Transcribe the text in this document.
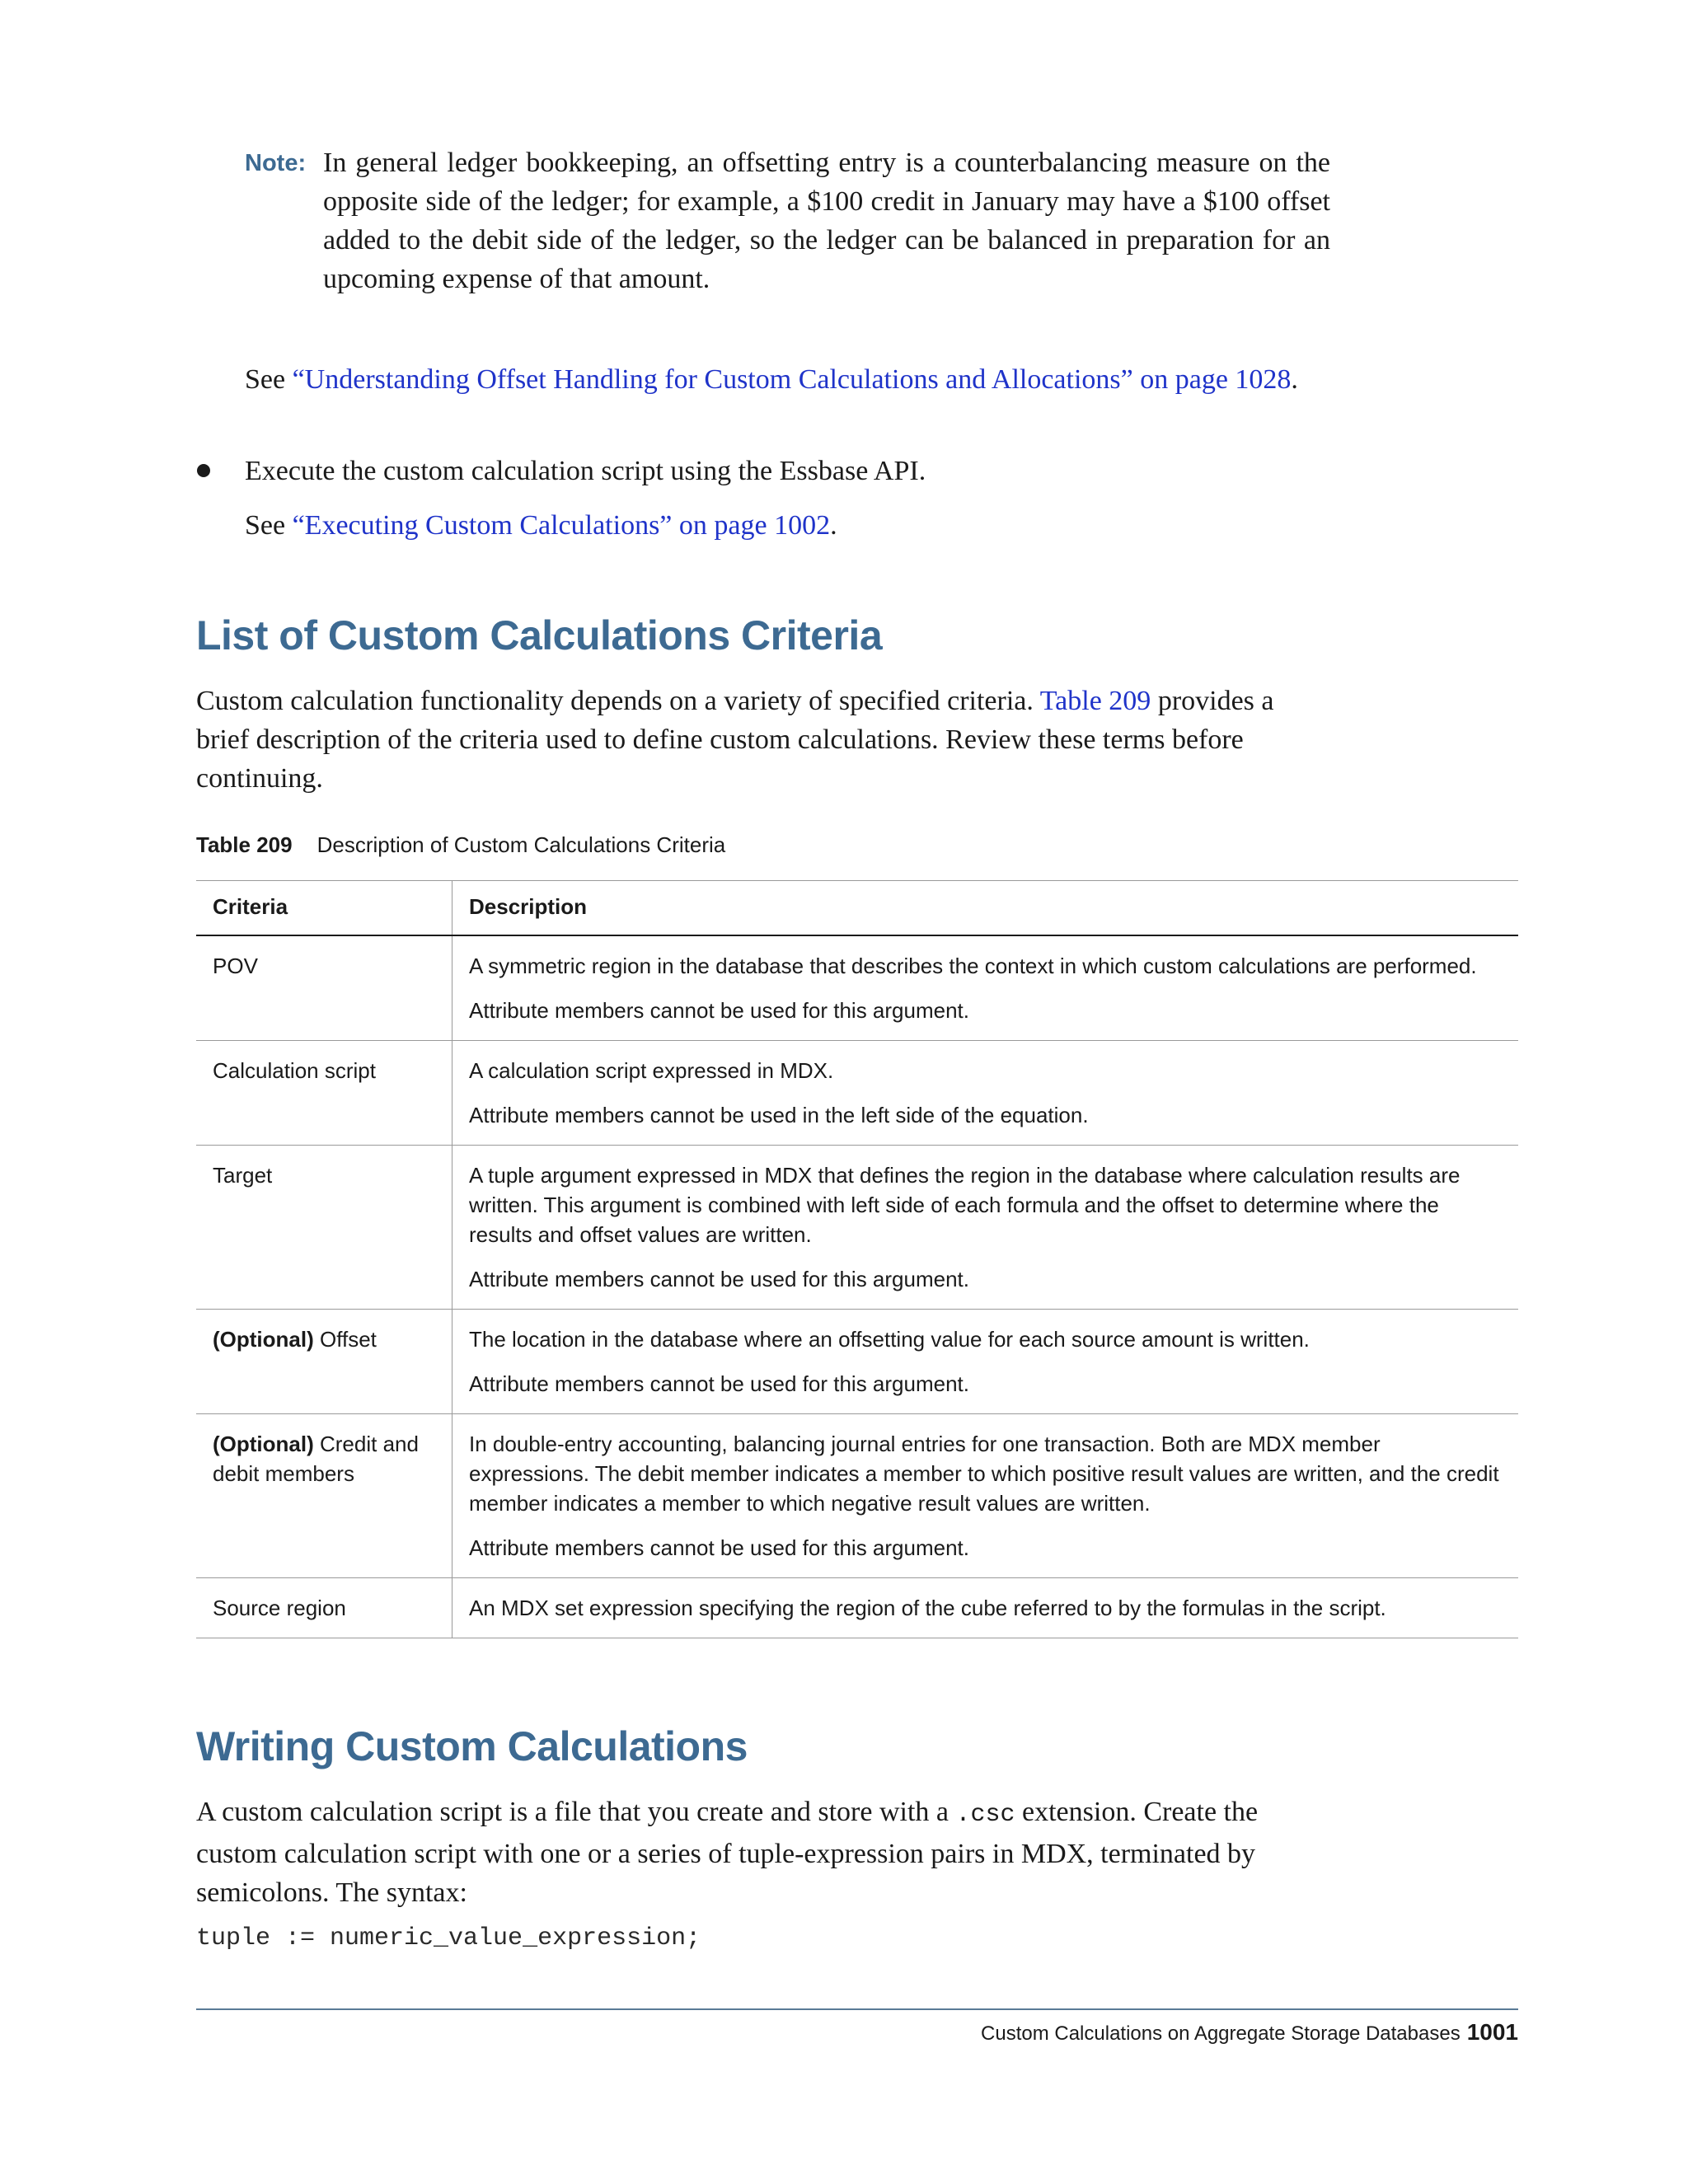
Note: In general ledger bookkeeping, an offsetting entry is a counterbalancing measure on the opposite side of the ledger; for example, a $100 credit in January may have a $100 offset added to the debit side of the ledger, so the ledger can be balanced in preparation for an upcoming expense of that amount.
See “Understanding Offset Handling for Custom Calculations and Allocations” on page 1028.
Execute the custom calculation script using the Essbase API.
See “Executing Custom Calculations” on page 1002.
List of Custom Calculations Criteria
Custom calculation functionality depends on a variety of specified criteria. Table 209 provides a brief description of the criteria used to define custom calculations. Review these terms before continuing.
Table 209 Description of Custom Calculations Criteria
Criteria	Description
POV	A symmetric region in the database that describes the context in which custom calculations are performed.

Attribute members cannot be used for this argument.

Calculation script	A calculation script expressed in MDX.

Attribute members cannot be used in the left side of the equation.

Target	A tuple argument expressed in MDX that defines the region in the database where calculation results are written. This argument is combined with left side of each formula and the offset to determine where the results and offset values are written.

Attribute members cannot be used for this argument.

(Optional) Offset	The location in the database where an offsetting value for each source amount is written.

Attribute members cannot be used for this argument.

(Optional) Credit and debit members	In double-entry accounting, balancing journal entries for one transaction. Both are MDX member expressions. The debit member indicates a member to which positive result values are written, and the credit member indicates a member to which negative result values are written.

Attribute members cannot be used for this argument.

Source region	An MDX set expression specifying the region of the cube referred to by the formulas in the script.

Writing Custom Calculations
A custom calculation script is a file that you create and store with a .csc extension. Create the custom calculation script with one or a series of tuple-expression pairs in MDX, terminated by semicolons. The syntax:
tuple := numeric_value_expression;
Custom Calculations on Aggregate Storage Databases 1001
